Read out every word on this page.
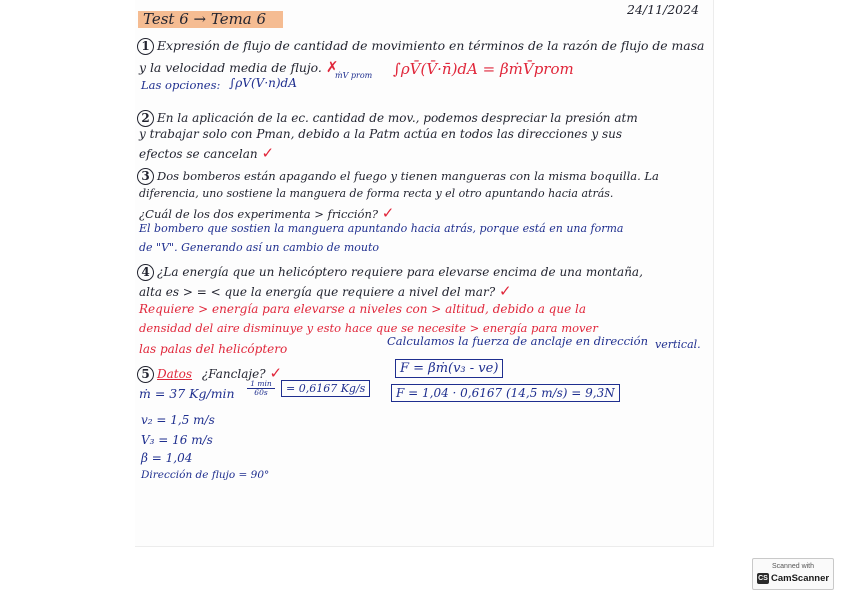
Test 6 → Tema 6
24/11/2024
1 Expresión de flujo de cantidad de movimiento en términos de la razón de flujo de masa
y la velocidad media de flujo. ✗
Las opciones: ∫ρV(V·n)dA
ṁV prom ∫ρV̄(V̄·n̄)dA = βṁV̄prom
2 En la aplicación de la ec. cantidad de mov., podemos despreciar la presión atm
y trabajar solo con Pman, debido a la Patm actúa en todos las direcciones y sus
efectos se cancelan ✓
3 Dos bomberos están apagando el fuego y tienen mangueras con la misma boquilla. La
diferencia, uno sostiene la manguera de forma recta y el otro apuntando hacia atrás.
¿Cuál de los dos experimenta > fricción? ✓
El bombero que sostien la manguera apuntando hacia atrás, porque está en una forma
de "V". Generando así un cambio de mouto
4 ¿La energía que un helicóptero requiere para elevarse encima de una montaña,
alta es > = < que la energía que requiere a nivel del mar? ✓
Requiere > energía para elevarse a niveles con > altitud, debido a que la
densidad del aire disminuye y esto hace que se necesite > energía para mover
las palas del helicóptero
5 Datos ¿Fanclaje? ✓
ṁ = 37 Kg/min
1 min
60s	= 0,6167 Kg/s
v₂ = 1,5 m/s
V₃ = 16 m/s
β = 1,04
Dirección de flujo = 90°
Calculamos la fuerza de anclaje en dirección vertical.
F = βṁ(v₃ - ve)
F = 1,04 · 0,6167 (14,5 m/s) = 9,3N
Scanned with
CS CamScanner
